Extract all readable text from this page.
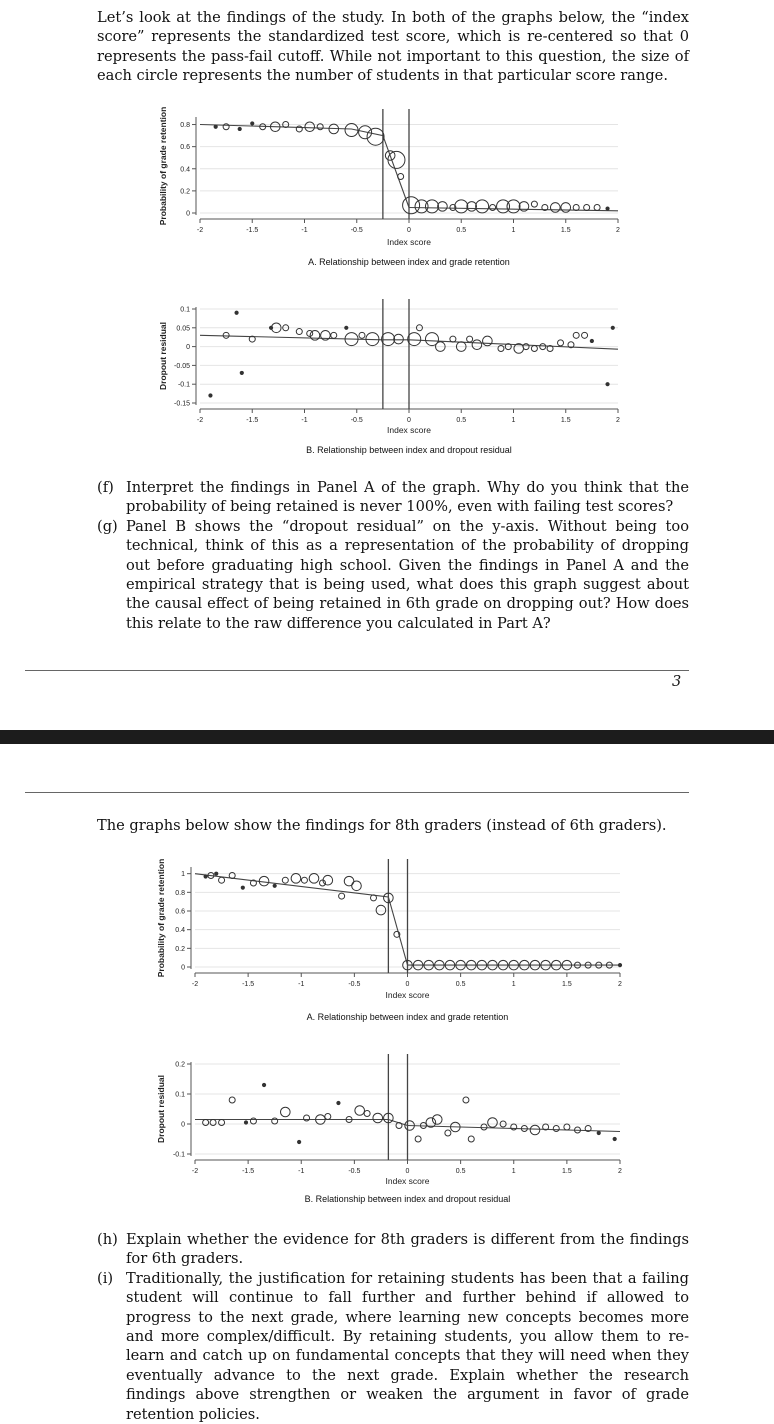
Let’s look at the findings of the study. In both of the graphs below, the “index score” represents the standardized test score, which is re-centered so that 0 represents the pass-fail cutoff. While not important to this question, the size of each circle represents the number of students in that particular score range.

0
0.2
0.4
0.6
0.8
-2	-1.5	-1	-0.5	0	0.5	1	1.5	2
Probability of grade retention
Index score
A. Relationship between index and grade retention
0.1
0.05
0
-0.05
-0.1
-0.15
-2	-1.5	-1	-0.5	0	0.5	1	1.5	2
Dropout residual
Index score
B. Relationship between index and dropout residual
(f) Interpret the findings in Panel A of the graph. Why do you think that the probability of being retained is never 100%, even with failing test scores?
(g) Panel B shows the “dropout residual” on the y-axis. Without being too technical, think of this as a representation of the probability of dropping out before graduating high school. Given the findings in Panel A and the empirical strategy that is being used, what does this graph suggest about the causal effect of being retained in 6th grade on dropping out? How does this relate to the raw difference you calculated in Part A?
3

The graphs below show the findings for 8th graders (instead of 6th graders).

0
0.2
0.4
0.6
0.8
1
-2	-1.5	-1	-0.5	0	0.5	1	1.5	2
Probability of grade retention
Index score
A. Relationship between index and grade retention
0.2
0.1
0
-0.1
-2	-1.5	-1	-0.5	0	0.5	1	1.5	2
Dropout residual
Index score
B. Relationship between index and dropout residual
(h) Explain whether the evidence for 8th graders is different from the findings for 6th graders.
(i) Traditionally, the justification for retaining students has been that a failing student will continue to fall further and further behind if allowed to progress to the next grade, where learning new concepts becomes more and more complex/difficult. By retaining students, you allow them to re-learn and catch up on fundamental concepts that they will need when they eventually advance to the next grade. Explain whether the research findings above strengthen or weaken the argument in favor of grade retention policies.
